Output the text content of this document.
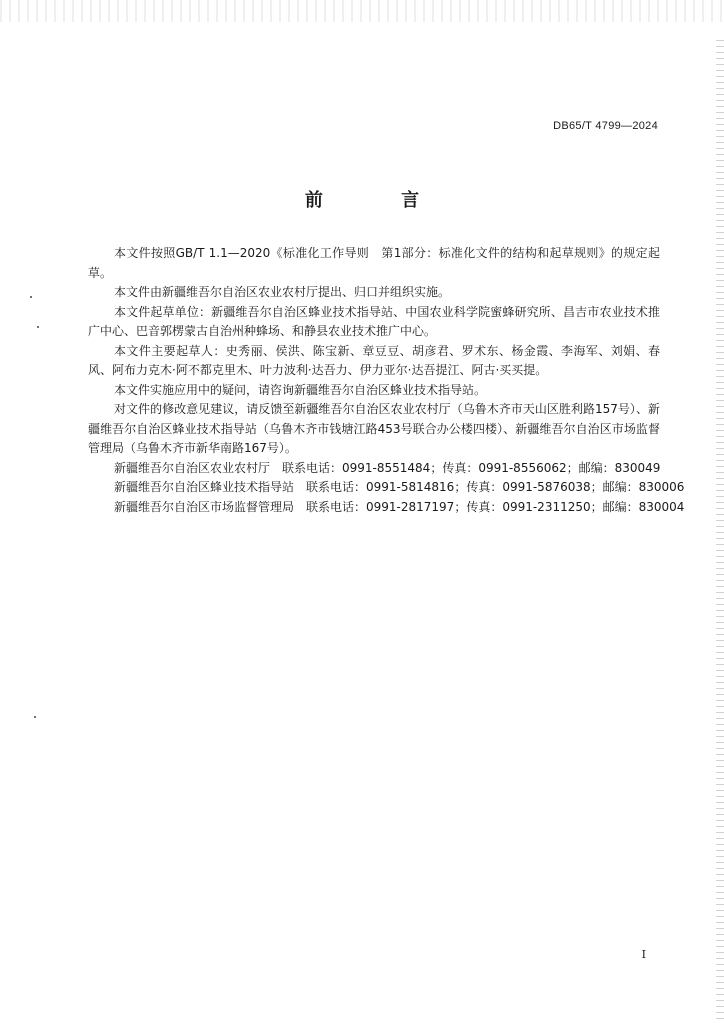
DB65/T 4799—2024
前 言

本文件按照GB/T 1.1—2020《标准化工作导则　第1部分：标准化文件的结构和起草规则》的规定起草。

本文件由新疆维吾尔自治区农业农村厅提出、归口并组织实施。

本文件起草单位：新疆维吾尔自治区蜂业技术指导站、中国农业科学院蜜蜂研究所、昌吉市农业技术推广中心、巴音郭楞蒙古自治州种蜂场、和静县农业技术推广中心。

本文件主要起草人：史秀丽、侯洪、陈宝新、章豆豆、胡彦君、罗术东、杨金霞、李海军、刘娟、春风、阿布力克木·阿不都克里木、叶力波利·达吾力、伊力亚尔·达吾提江、阿古·买买提。

本文件实施应用中的疑问，请咨询新疆维吾尔自治区蜂业技术指导站。

对文件的修改意见建议，请反馈至新疆维吾尔自治区农业农村厅（乌鲁木齐市天山区胜利路157号）、新疆维吾尔自治区蜂业技术指导站（乌鲁木齐市钱塘江路453号联合办公楼四楼）、新疆维吾尔自治区市场监督管理局（乌鲁木齐市新华南路167号）。

新疆维吾尔自治区农业农村厅　联系电话：0991-8551484；传真：0991-8556062；邮编：830049

新疆维吾尔自治区蜂业技术指导站　联系电话：0991-5814816；传真：0991-5876038；邮编：830006

新疆维吾尔自治区市场监督管理局　联系电话：0991-2817197；传真：0991-2311250；邮编：830004

I
